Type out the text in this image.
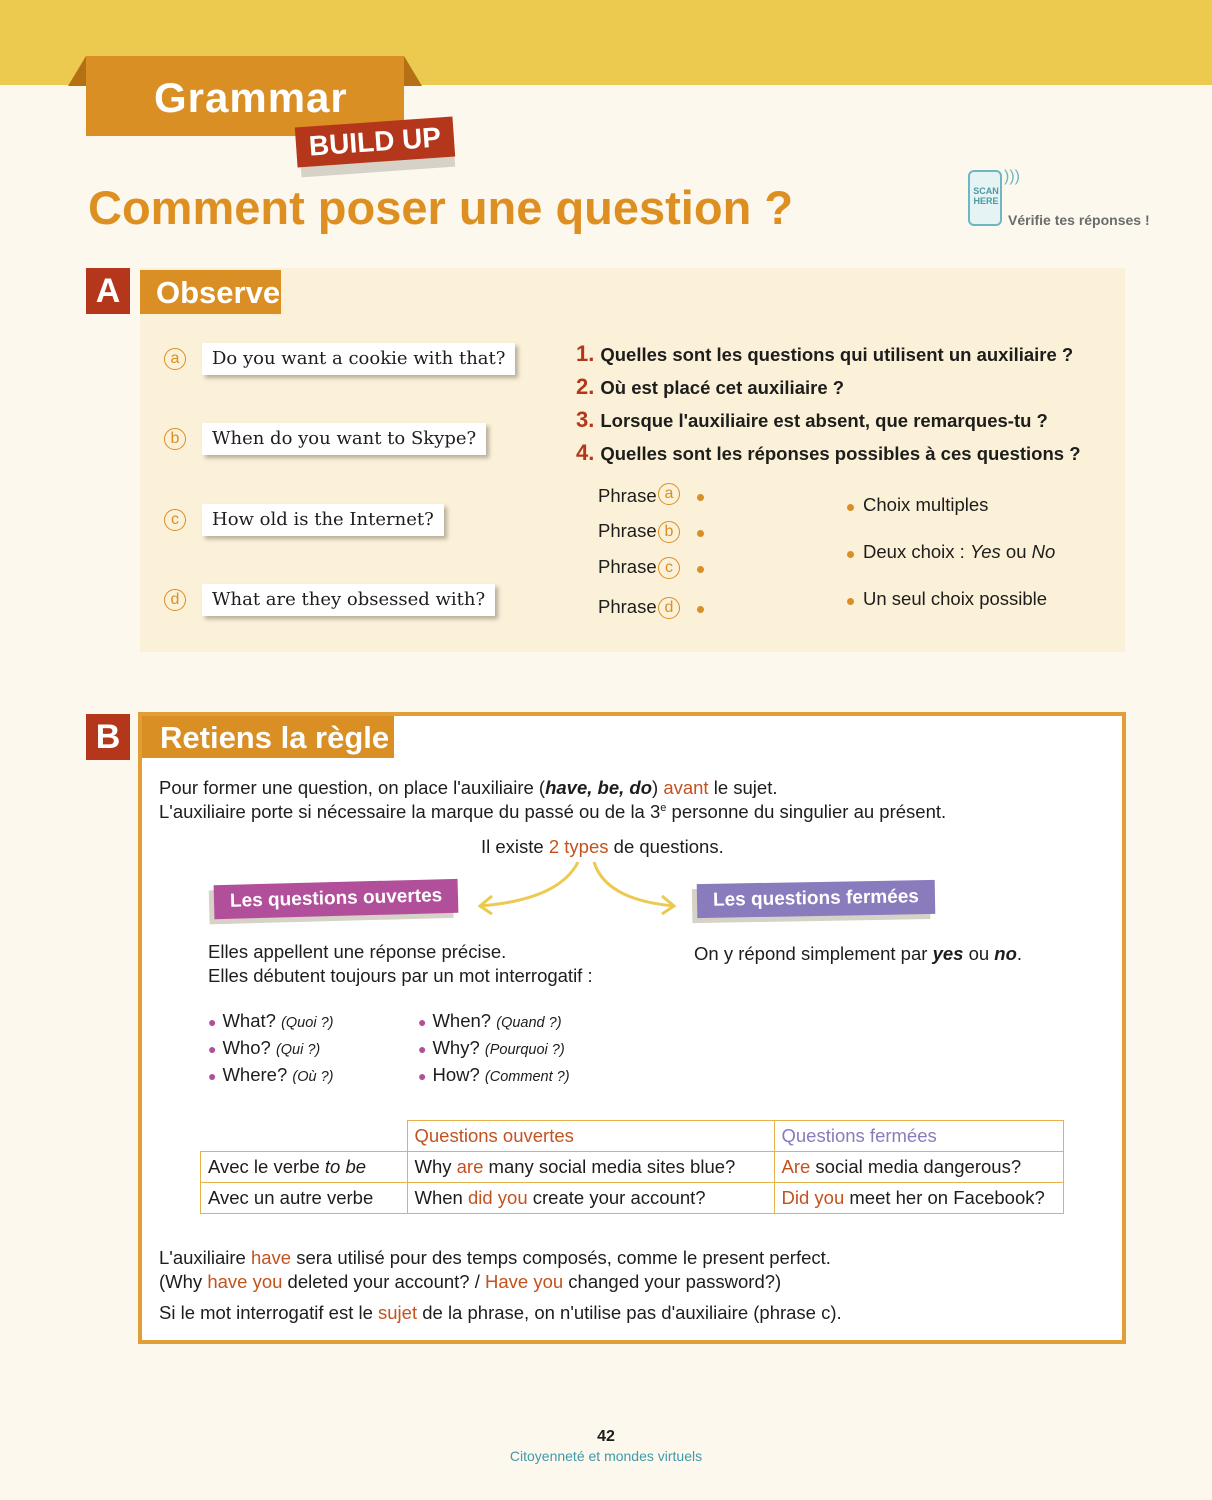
Grammar
BUILD UP
Comment poser une question ?	SCAN HERE
)))
Vérifie tes réponses !
A	Observe
a	Do you want a cookie with that?
b	When do you want to Skype?
c	How old is the Internet?
d	What are they obsessed with?
1. Quelles sont les questions qui utilisent un auxiliaire ?
2. Où est placé cet auxiliaire ?
3. Lorsque l'auxiliaire est absent, que remarques-tu ?
4. Quelles sont les réponses possibles à ces questions ?
Phrase a
Phrase b
Phrase c
Phrase d
Choix multiples
Deux choix : Yes ou No
Un seul choix possible
B	Retiens la règle
Pour former une question, on place l'auxiliaire (have, be, do) avant le sujet.
L'auxiliaire porte si nécessaire la marque du passé ou de la 3e personne du singulier au présent.
Il existe 2 types de questions.
Les questions ouvertes	Les questions fermées
Elles appellent une réponse précise.
Elles débutent toujours par un mot interrogatif :
On y répond simplement par yes ou no.
● What? (Quoi ?)
● Who? (Qui ?)
● Where? (Où ?)
● When? (Quand ?)
● Why? (Pourquoi ?)
● How? (Comment ?)
	Questions ouvertes	Questions fermées
Avec le verbe to be	Why are many social media sites blue?	Are social media dangerous?
Avec un autre verbe	When did you create your account?	Did you meet her on Facebook?
L'auxiliaire have sera utilisé pour des temps composés, comme le present perfect.
(Why have you deleted your account? / Have you changed your password?)
Si le mot interrogatif est le sujet de la phrase, on n'utilise pas d'auxiliaire (phrase c).
42
Citoyenneté et mondes virtuels
